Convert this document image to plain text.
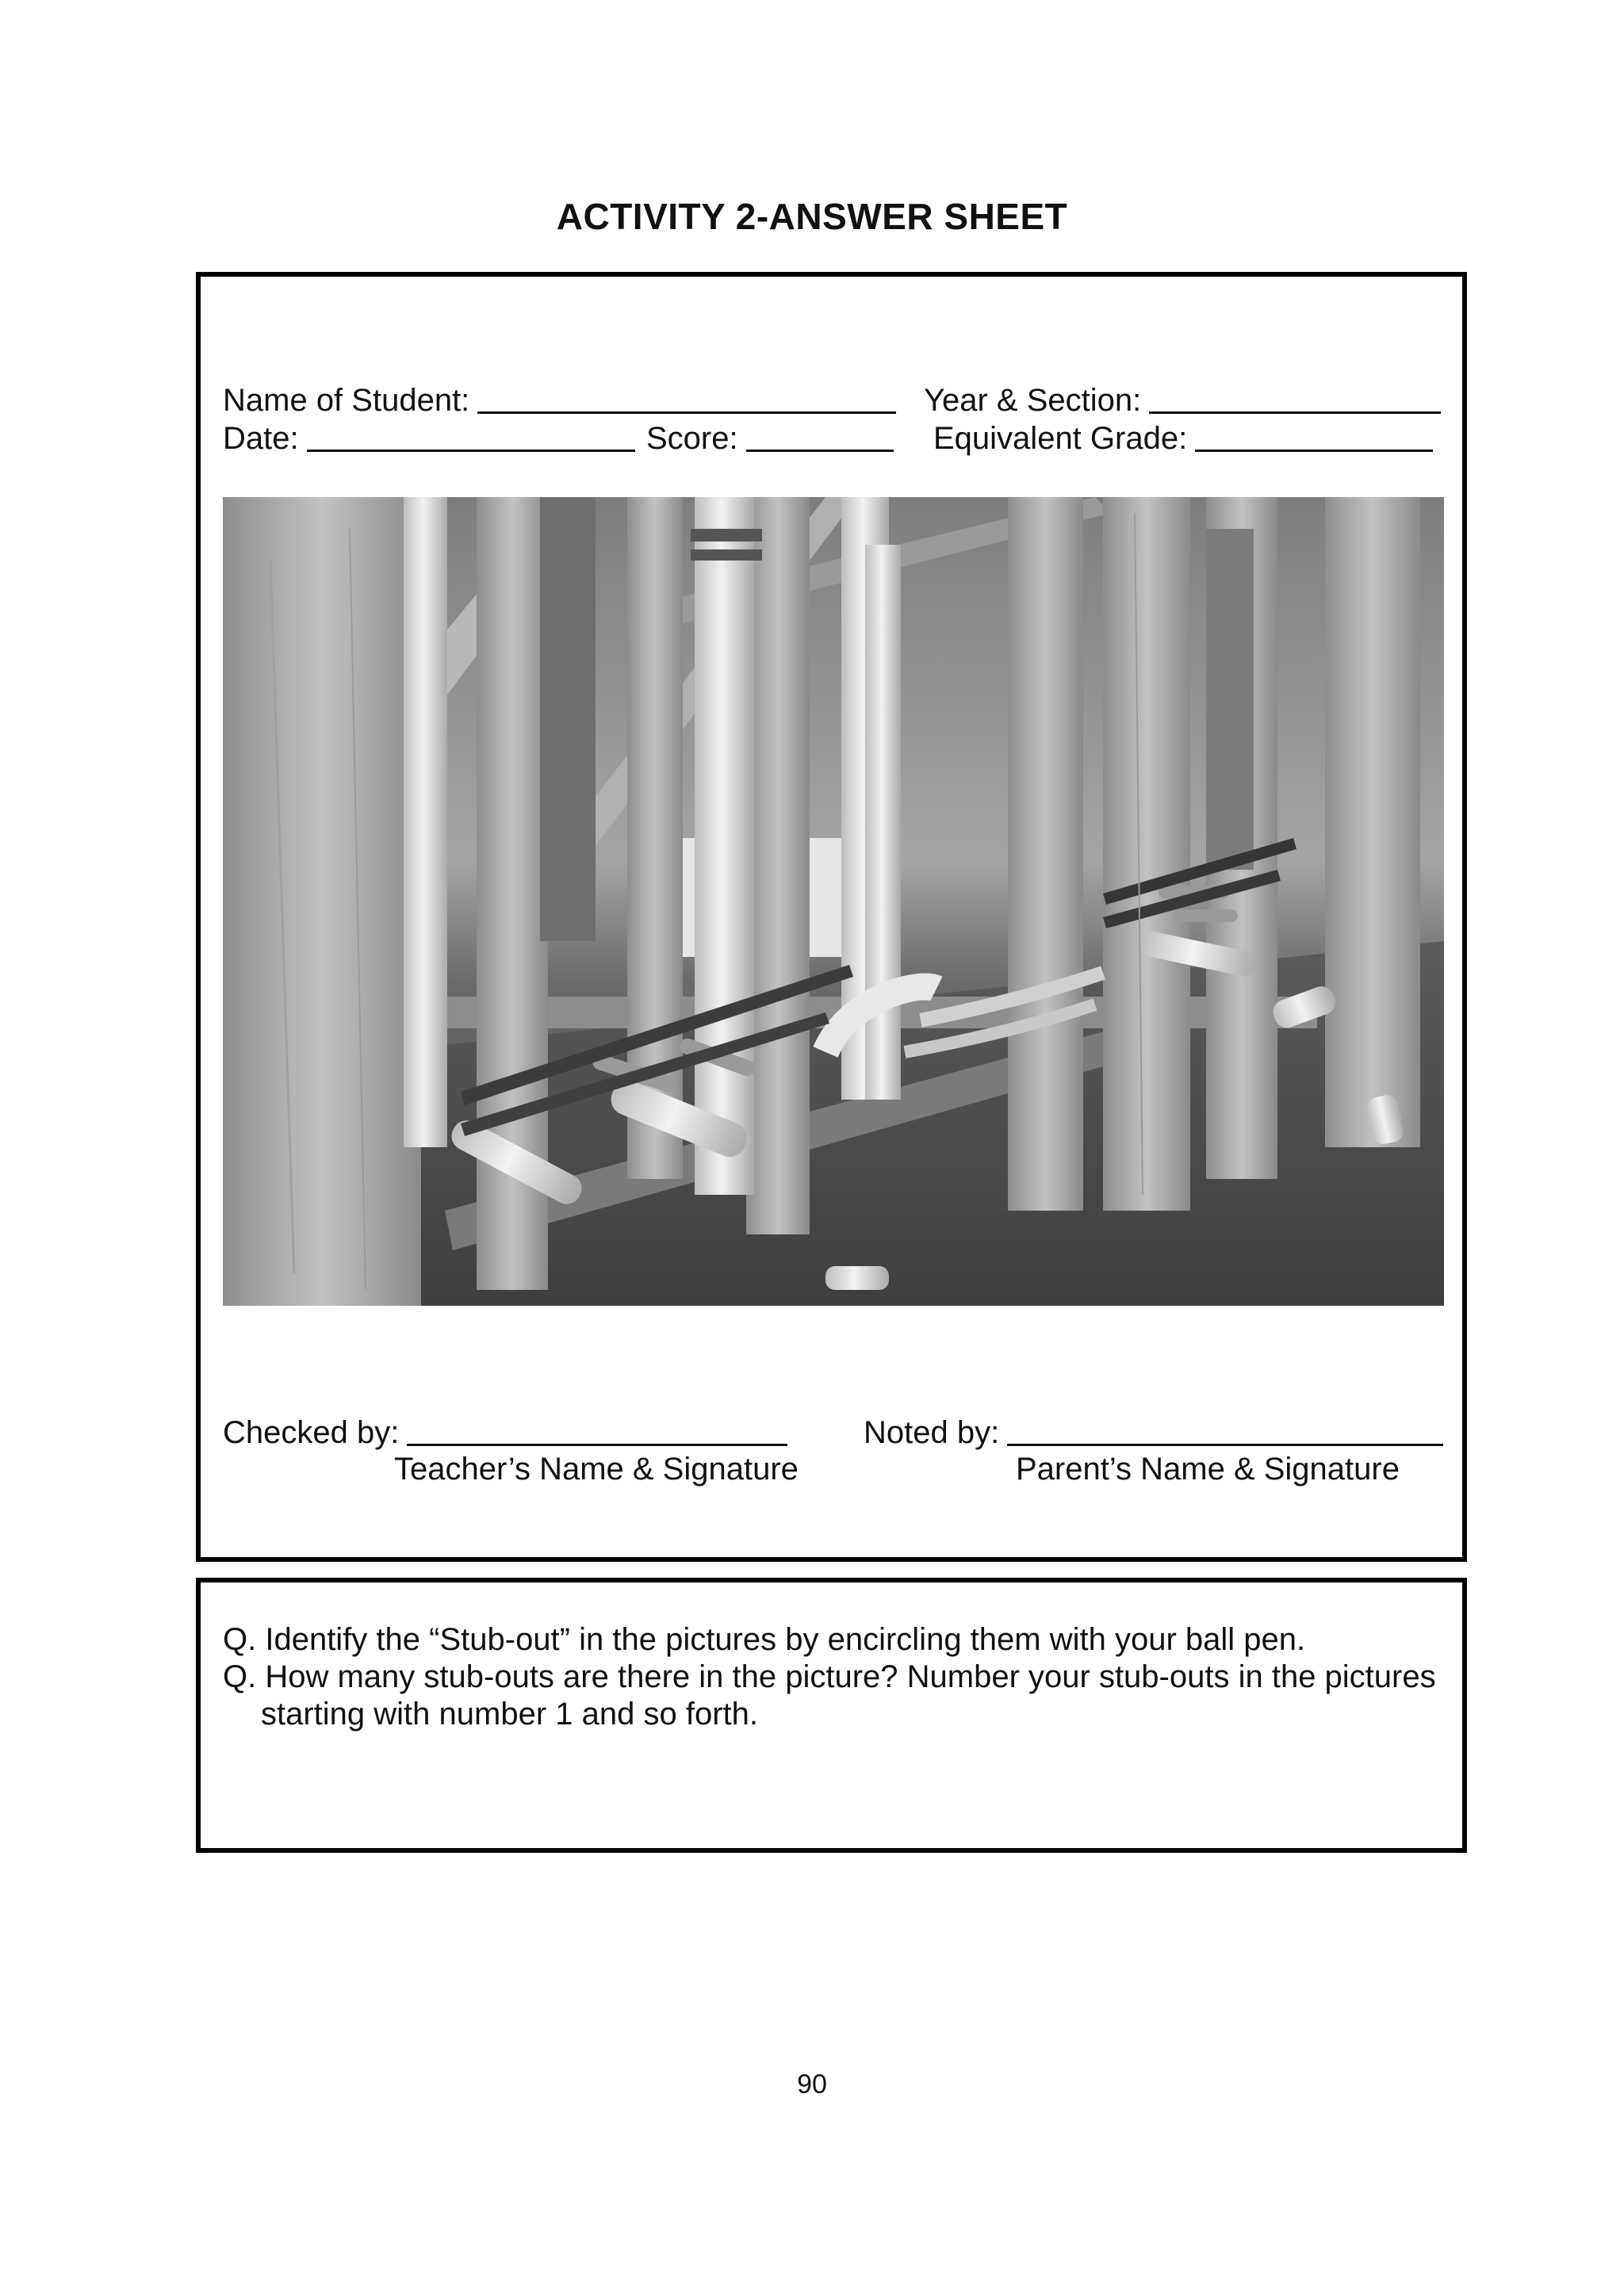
ACTIVITY 2-ANSWER SHEET
Name of Student:	Year & Section:
Date:	Score:	Equivalent Grade:
Checked by:
Teacher’s Name & Signature
Noted by:
Parent’s Name & Signature
Q. Identify the “Stub-out” in the pictures by encircling them with your ball pen.
Q. How many stub-outs are there in the picture? Number your stub-outs in the pictures
starting with number 1 and so forth.
90
